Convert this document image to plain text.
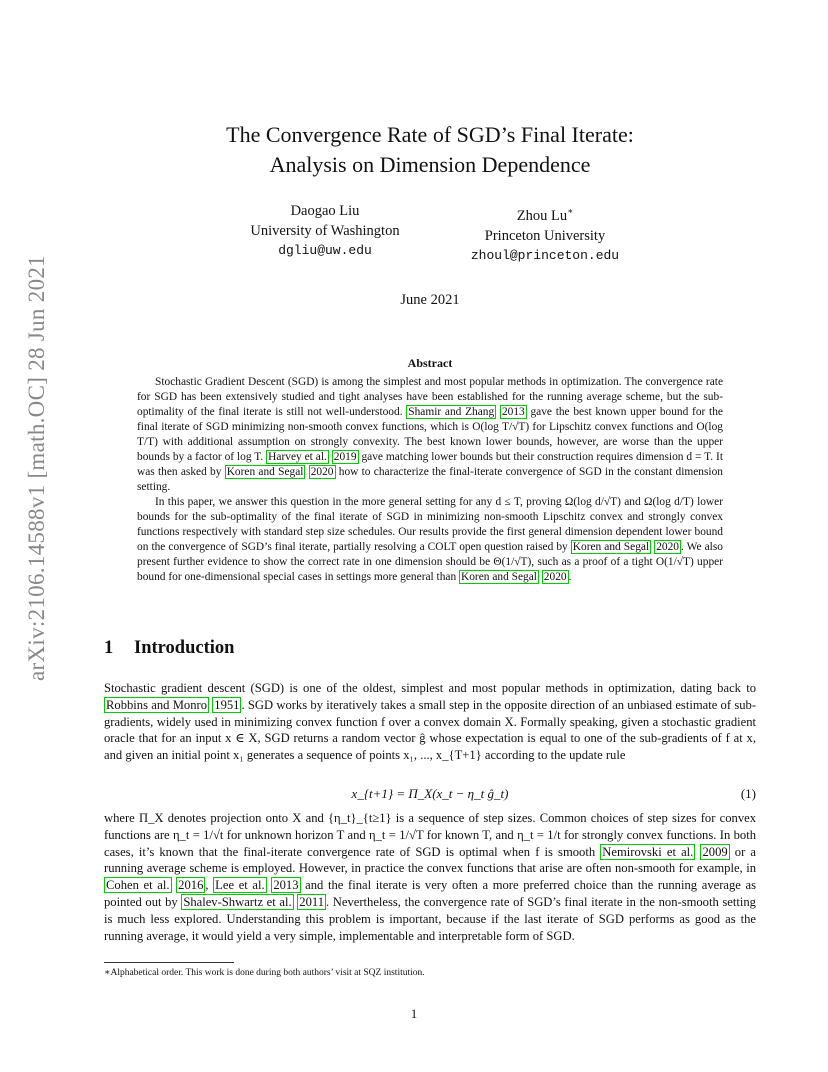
arXiv:2106.14588v1 [math.OC] 28 Jun 2021
The Convergence Rate of SGD’s Final Iterate:
Analysis on Dimension Dependence
Daogao Liu
University of Washington
dgliu@uw.edu
Zhou Lu∗
Princeton University
zhoul@princeton.edu
June 2021
Abstract

Stochastic Gradient Descent (SGD) is among the simplest and most popular methods in optimization. The convergence rate for SGD has been extensively studied and tight analyses have been established for the running average scheme, but the sub-optimality of the final iterate is still not well-understood. Shamir and Zhang 2013 gave the best known upper bound for the final iterate of SGD minimizing non-smooth convex functions, which is O(log T/√T) for Lipschitz convex functions and O(log T/T) with additional assumption on strongly convexity. The best known lower bounds, however, are worse than the upper bounds by a factor of log T. Harvey et al. 2019 gave matching lower bounds but their construction requires dimension d = T. It was then asked by Koren and Segal 2020 how to characterize the final-iterate convergence of SGD in the constant dimension setting.

In this paper, we answer this question in the more general setting for any d ≤ T, proving Ω(log d/√T) and Ω(log d/T) lower bounds for the sub-optimality of the final iterate of SGD in minimizing non-smooth Lipschitz convex and strongly convex functions respectively with standard step size schedules. Our results provide the first general dimension dependent lower bound on the convergence of SGD’s final iterate, partially resolving a COLT open question raised by Koren and Segal 2020 . We also present further evidence to show the correct rate in one dimension should be Θ(1/√T), such as a proof of a tight O(1/√T) upper bound for one-dimensional special cases in settings more general than Koren and Segal 2020 .

1 Introduction

Stochastic gradient descent (SGD) is one of the oldest, simplest and most popular methods in optimization, dating back to Robbins and Monro 1951 . SGD works by iteratively takes a small step in the opposite direction of an unbiased estimate of sub-gradients, widely used in minimizing convex function f over a convex domain X. Formally speaking, given a stochastic gradient oracle that for an input x ∈ X, SGD returns a random vector ĝ whose expectation is equal to one of the sub-gradients of f at x, and given an initial point x₁ generates a sequence of points x₁, ..., x_{T+1} according to the update rule

x_{t+1} = Π_X(x_t − η_t ĝ_t)	(1)

where Π_X denotes projection onto X and {η_t}_{t≥1} is a sequence of step sizes. Common choices of step sizes for convex functions are η_t = 1/√t for unknown horizon T and η_t = 1/√T for known T, and η_t = 1/t for strongly convex functions. In both cases, it’s known that the final-iterate convergence rate of SGD is optimal when f is smooth Nemirovski et al. 2009 or a running average scheme is employed. However, in practice the convex functions that arise are often non-smooth for example, in Cohen et al. 2016 , Lee et al. 2013 and the final iterate is very often a more preferred choice than the running average as pointed out by Shalev-Shwartz et al. 2011 . Nevertheless, the convergence rate of SGD’s final iterate in the non-smooth setting is much less explored. Understanding this problem is important, because if the last iterate of SGD performs as good as the running average, it would yield a very simple, implementable and interpretable form of SGD.

∗Alphabetical order. This work is done during both authors’ visit at SQZ institution.
1
